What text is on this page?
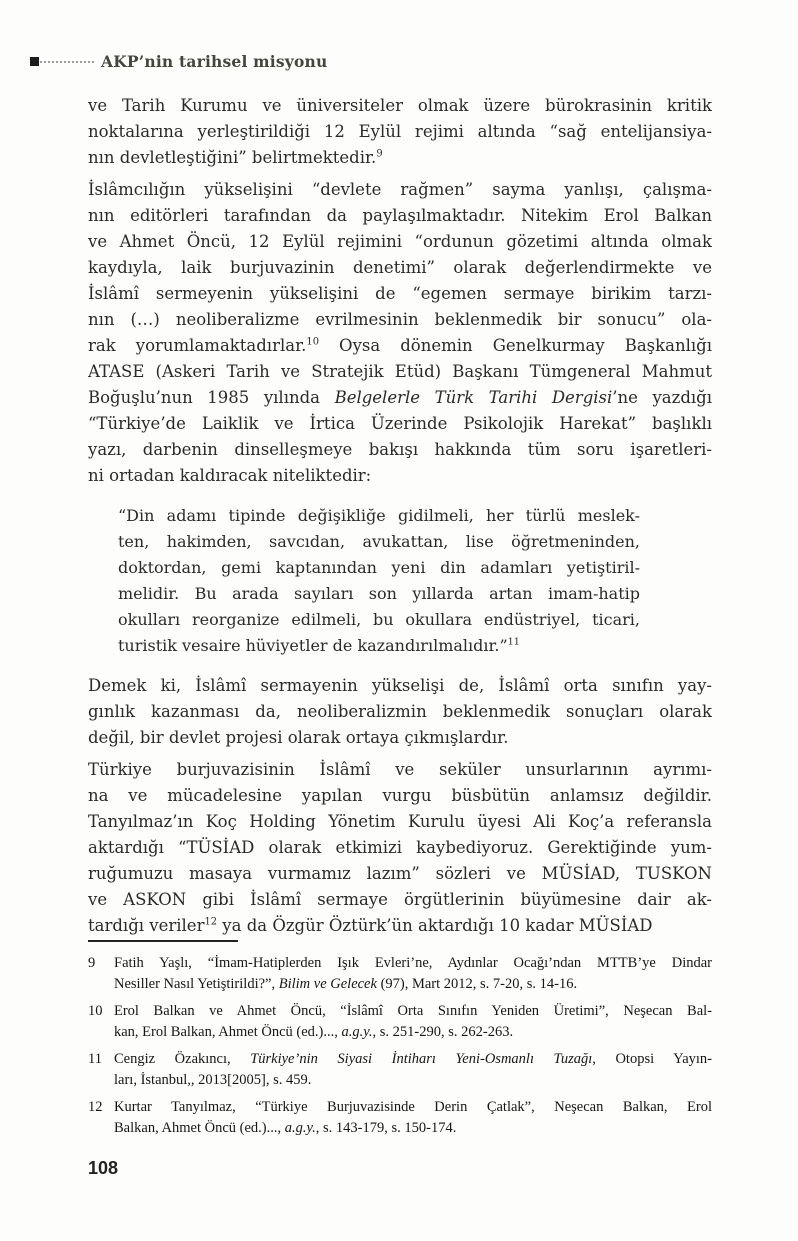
AKP’nin tarihsel misyonu
ve Tarih Kurumu ve üniversiteler olmak üzere bürokrasinin kritik
noktalarına yerleştirildiği 12 Eylül rejimi altında “sağ entelijansiya-
nın devletleştiğini” belirtmektedir.$^9$
İslâmcılığın yükselişini “devlete rağmen” sayma yanlışı, çalışma-
nın editörleri tarafından da paylaşılmaktadır. Nitekim Erol Balkan
ve Ahmet Öncü, 12 Eylül rejimini “ordunun gözetimi altında olmak
kaydıyla, laik burjuvazinin denetimi” olarak değerlendirmekte ve
İslâmî sermeyenin yükselişini de “egemen sermaye birikim tarzı-
nın (…) neoliberalizme evrilmesinin beklenmedik bir sonucu” ola-
rak yorumlamaktadırlar.$^{10}$ Oysa dönemin Genelkurmay Başkanlığı
ATASE (Askeri Tarih ve Stratejik Etüd) Başkanı Tümgeneral Mahmut
Boğuşlu’nun 1985 yılında Belgelerle Türk Tarihi Dergisi’ne yazdığı
“Türkiye’de Laiklik ve İrtica Üzerinde Psikolojik Harekat” başlıklı
yazı, darbenin dinselleşmeye bakışı hakkında tüm soru işaretleri-
ni ortadan kaldıracak niteliktedir:
“Din adamı tipinde değişikliğe gidilmeli, her türlü meslek-
ten, hakimden, savcıdan, avukattan, lise öğretmeninden,
doktordan, gemi kaptanından yeni din adamları yetiştiril-
melidir. Bu arada sayıları son yıllarda artan imam-hatip
okulları reorganize edilmeli, bu okullara endüstriyel, ticari,
turistik vesaire hüviyetler de kazandırılmalıdır.”$^{11}$
Demek ki, İslâmî sermayenin yükselişi de, İslâmî orta sınıfın yay-
gınlık kazanması da, neoliberalizmin beklenmedik sonuçları olarak
değil, bir devlet projesi olarak ortaya çıkmışlardır.
Türkiye burjuvazisinin İslâmî ve seküler unsurlarının ayrımı-
na ve mücadelesine yapılan vurgu büsbütün anlamsız değildir.
Tanyılmaz’ın Koç Holding Yönetim Kurulu üyesi Ali Koç’a referansla
aktardığı “TÜSİAD olarak etkimizi kaybediyoruz. Gerektiğinde yum-
ruğumuzu masaya vurmamız lazım” sözleri ve MÜSİAD, TUSKON
ve ASKON gibi İslâmî sermaye örgütlerinin büyümesine dair ak-
tardığı veriler$^{12}$ ya da Özgür Öztürk’ün aktardığı 10 kadar MÜSİAD
9	Fatih Yaşlı, “İmam-Hatiplerden Işık Evleri’ne, Aydınlar Ocağı’ndan MTTB’ye Dindar
Nesiller Nasıl Yetiştirildi?”, Bilim ve Gelecek (97), Mart 2012, s. 7-20, s. 14-16.
10 Erol Balkan ve Ahmet Öncü, “İslâmî Orta Sınıfın Yeniden Üretimi”, Neşecan Bal-
kan, Erol Balkan, Ahmet Öncü (ed.)..., a.g.y., s. 251-290, s. 262-263.
11 Cengiz Özakıncı, Türkiye’nin Siyasi İntiharı Yeni-Osmanlı Tuzağı, Otopsi Yayın-
ları, İstanbul,, 2013[2005], s. 459.
12 Kurtar Tanyılmaz, “Türkiye Burjuvazisinde Derin Çatlak”, Neşecan Balkan, Erol
Balkan, Ahmet Öncü (ed.)..., a.g.y., s. 143-179, s. 150-174.
108
